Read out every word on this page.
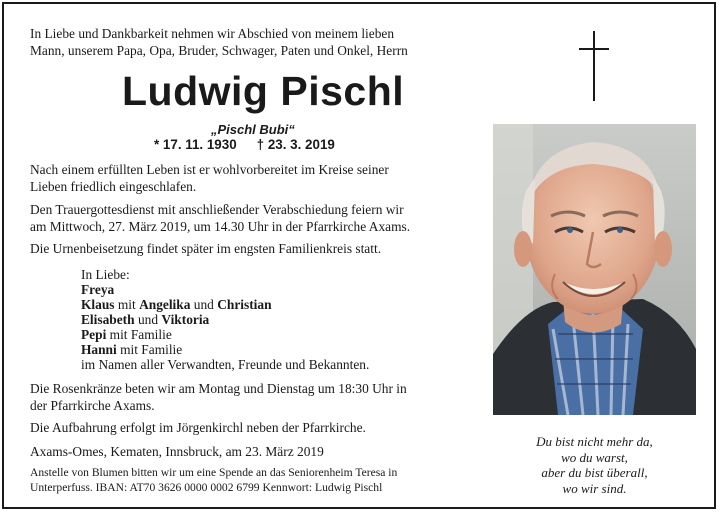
In Liebe und Dankbarkeit nehmen wir Abschied von meinem lieben
Mann, unserem Papa, Opa, Bruder, Schwager, Paten und Onkel, Herrn
Ludwig Pischl
„Pischl Bubi“
* 17. 11. 1930 † 23. 3. 2019
Nach einem erfüllten Leben ist er wohlvorbereitet im Kreise seiner
Lieben friedlich eingeschlafen.
Den Trauergottesdienst mit anschließender Verabschiedung feiern wir
am Mittwoch, 27. März 2019, um 14.30 Uhr in der Pfarrkirche Axams.
Die Urnenbeisetzung findet später im engsten Familienkreis statt.
In Liebe:
Freya
Klaus mit Angelika und Christian
Elisabeth und Viktoria
Pepi mit Familie
Hanni mit Familie
im Namen aller Verwandten, Freunde und Bekannten.
Die Rosenkränze beten wir am Montag und Dienstag um 18:30 Uhr in
der Pfarrkirche Axams.
Die Aufbahrung erfolgt im Jörgenkirchl neben der Pfarrkirche.
Axams-Omes, Kematen, Innsbruck, am 23. März 2019
Anstelle von Blumen bitten wir um eine Spende an das Seniorenheim Teresa in
Unterperfuss. IBAN: AT70 3626 0000 0002 6799 Kennwort: Ludwig Pischl
Du bist nicht mehr da,
wo du warst,
aber du bist überall,
wo wir sind.
